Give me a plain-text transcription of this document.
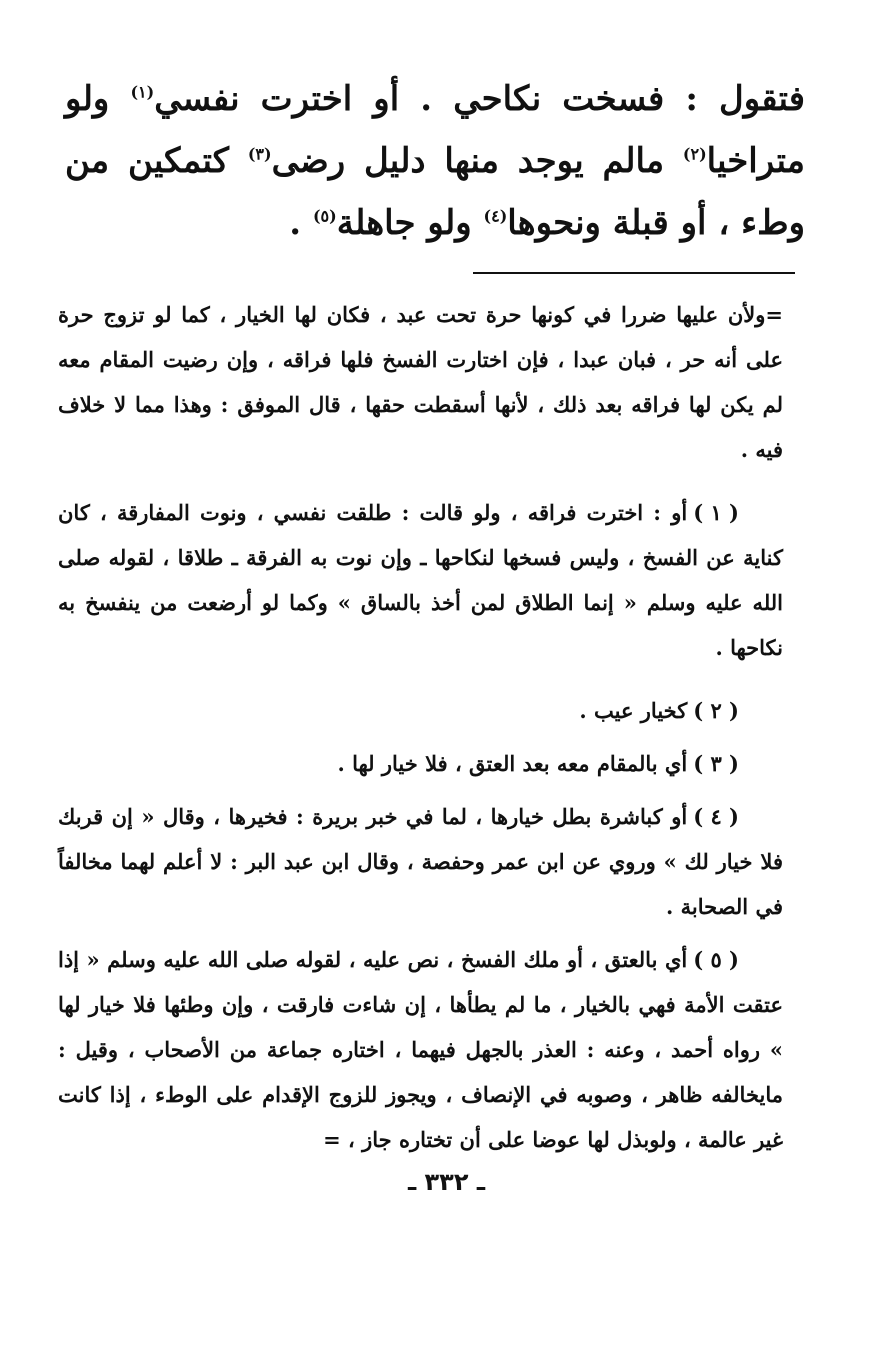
فتقول : فسخت نكاحي . أو اخترت نفسي$^{(١)}$ ولو متراخيا$^{(٢)}$ مالم يوجد منها دليل رضى$^{(٣)}$ كتمكين من وطء ، أو قبلة ونحوها$^{(٤)}$ ولو جاهلة$^{(٥)}$ .

=ولأن عليها ضررا في كونها حرة تحت عبد ، فكان لها الخيار ، كما لو تزوج حرة على أنه حر ، فبان عبدا ، فإن اختارت الفسخ فلها فراقه ، وإن رضيت المقام معه لم يكن لها فراقه بعد ذلك ، لأنها أسقطت حقها ، قال الموفق : وهذا مما لا خلاف فيه .

( ١ )أو : اخترت فراقه ، ولو قالت : طلقت نفسي ، ونوت المفارقة ، كان كناية عن الفسخ ، وليس فسخها لنكاحها ـ وإن نوت به الفرقة ـ طلاقا ، لقوله صلى الله عليه وسلم « إنما الطلاق لمن أخذ بالساق » وكما لو أرضعت من ينفسخ به نكاحها .

( ٢ )كخيار عيب .

( ٣ )أي بالمقام معه بعد العتق ، فلا خيار لها .

( ٤ )أو كباشرة بطل خيارها ، لما في خبر بريرة : فخيرها ، وقال « إن قربك فلا خيار لك » وروي عن ابن عمر وحفصة ، وقال ابن عبد البر : لا أعلم لهما مخالفاً في الصحابة .

( ٥ )أي بالعتق ، أو ملك الفسخ ، نص عليه ، لقوله صلى الله عليه وسلم « إذا عتقت الأمة فهي بالخيار ، ما لم يطأها ، إن شاءت فارقت ، وإن وطئها فلا خيار لها » رواه أحمد ، وعنه : العذر بالجهل فيهما ، اختاره جماعة من الأصحاب ، وقيل : مايخالفه ظاهر ، وصوبه في الإنصاف ، ويجوز للزوج الإقدام على الوطء ، إذا كانت غير عالمة ، ولوبذل لها عوضا على أن تختاره جاز ، =

ـ ٣٣٢ ـ
